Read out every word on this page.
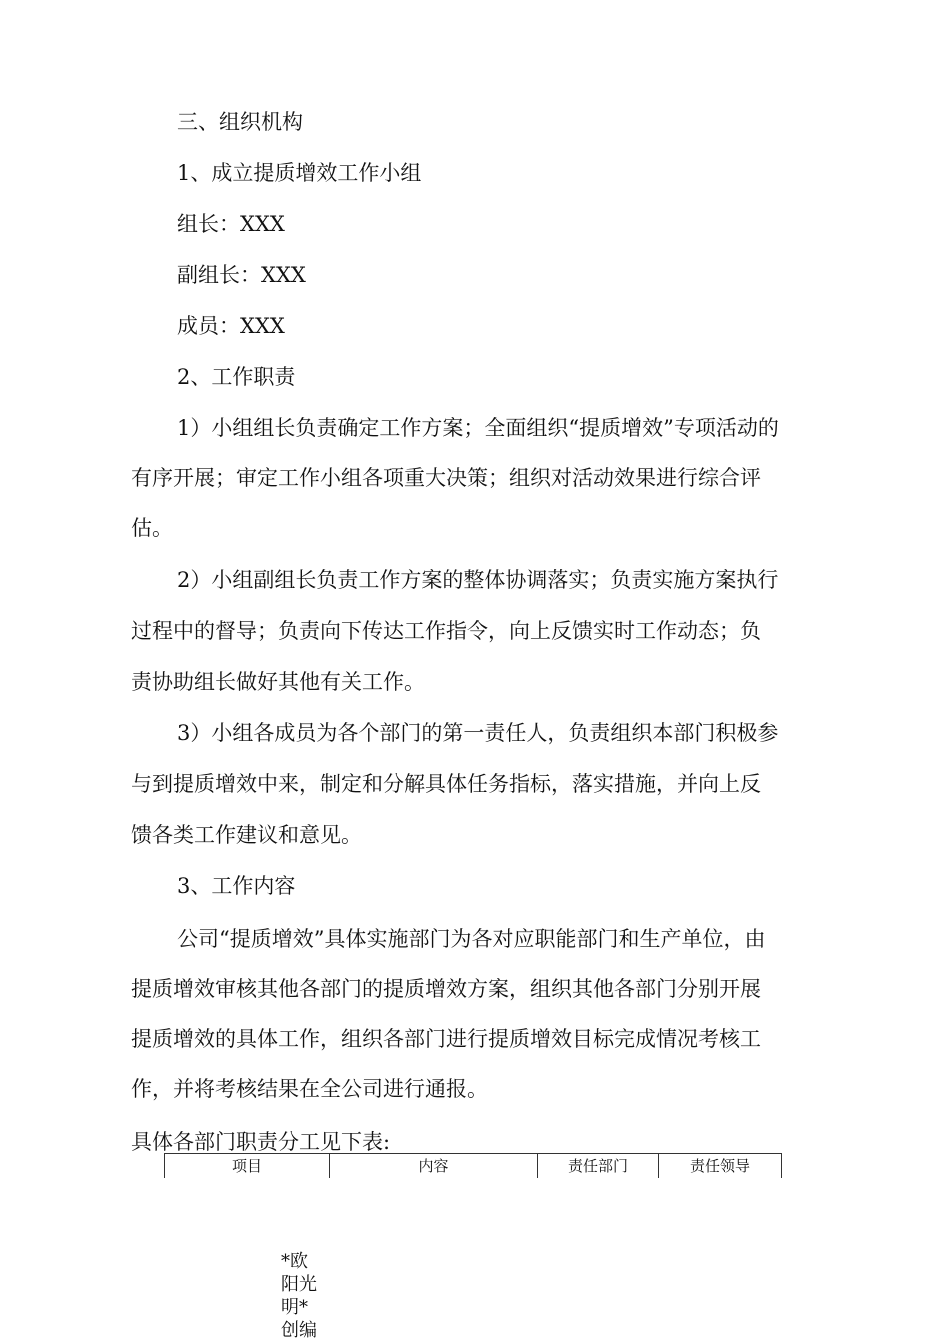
三、组织机构

1、成立提质增效工作小组

组长：XXX

副组长：XXX

成员：XXX

2、工作职责

1）小组组长负责确定工作方案；全面组织“提质增效”专项活动的

有序开展；审定工作小组各项重大决策；组织对活动效果进行综合评

估。

2）小组副组长负责工作方案的整体协调落实；负责实施方案执行

过程中的督导；负责向下传达工作指令，向上反馈实时工作动态；负

责协助组长做好其他有关工作。

3）小组各成员为各个部门的第一责任人，负责组织本部门积极参

与到提质增效中来，制定和分解具体任务指标，落实措施，并向上反

馈各类工作建议和意见。

3、工作内容

公司“提质增效”具体实施部门为各对应职能部门和生产单位，由

提质增效审核其他各部门的提质增效方案，组织其他各部门分别开展

提质增效的具体工作，组织各部门进行提质增效目标完成情况考核工

作，并将考核结果在全公司进行通报。

具体各部门职责分工见下表:
项目	内容	责任部门	责任领导
*欧阳光明*创编
